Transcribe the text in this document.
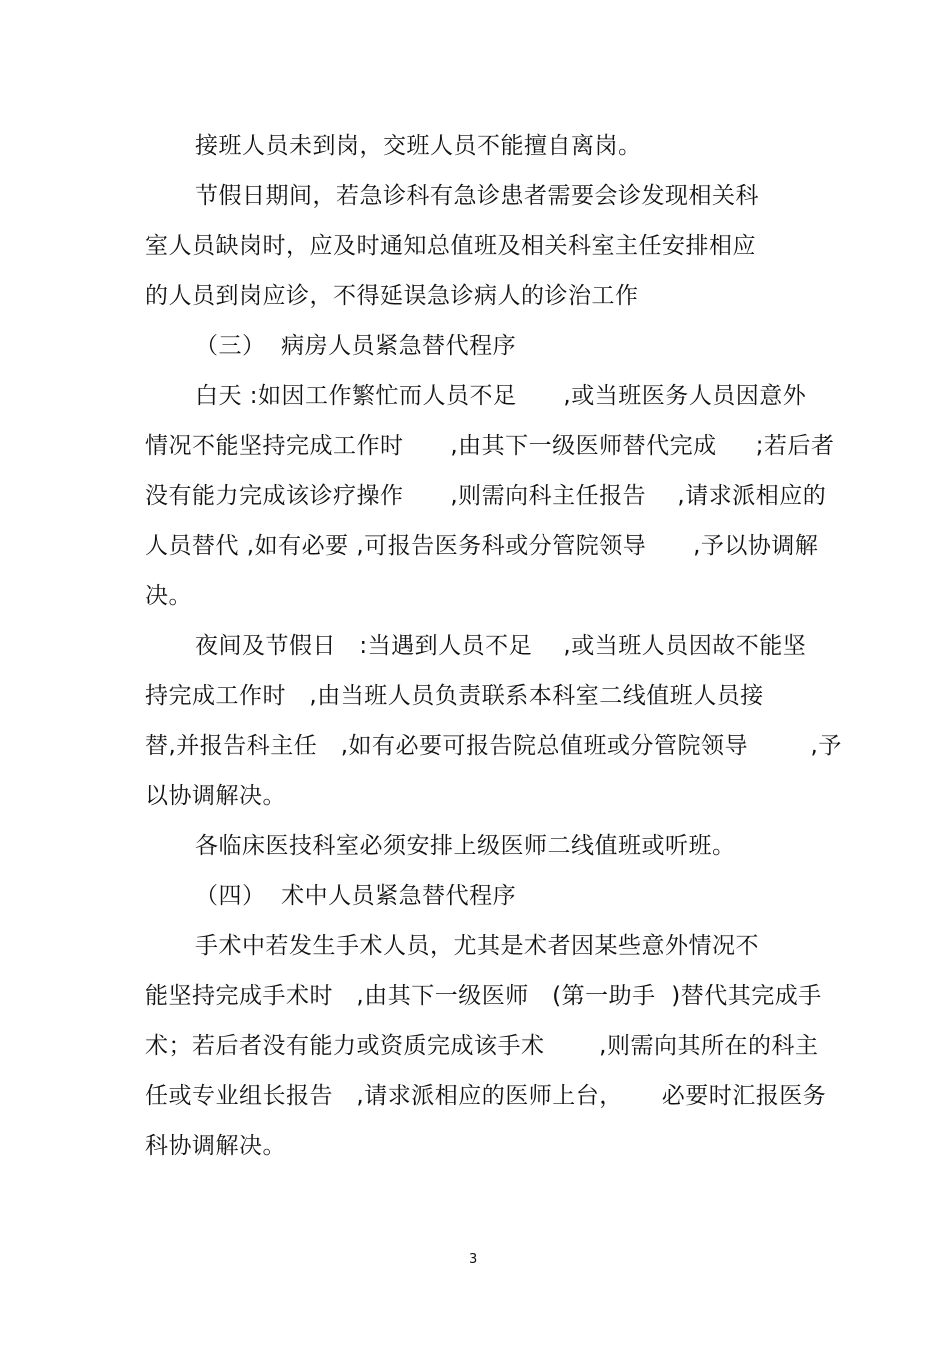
接班人员未到岗，交班人员不能擅自离岗。
节假日期间，若急诊科有急诊患者需要会诊发现相关科
室人员缺岗时，应及时通知总值班及相关科室主任安排相应
的人员到岗应诊，不得延误急诊病人的诊治工作
（三）  病房人员紧急替代程序
白天 :如因工作繁忙而人员不足      ,或当班医务人员因意外
情况不能坚持完成工作时      ,由其下一级医师替代完成     ;若后者
没有能力完成该诊疗操作      ,则需向科主任报告    ,请求派相应的
人员替代 ,如有必要 ,可报告医务科或分管院领导      ,予以协调解
决。
夜间及节假日   :当遇到人员不足    ,或当班人员因故不能坚
持完成工作时   ,由当班人员负责联系本科室二线值班人员接
替,并报告科主任   ,如有必要可报告院总值班或分管院领导        ,予
以协调解决。
各临床医技科室必须安排上级医师二线值班或听班。
（四）  术中人员紧急替代程序
手术中若发生手术人员，尤其是术者因某些意外情况不
能坚持完成手术时   ,由其下一级医师   (第一助手  )替代其完成手
术；若后者没有能力或资质完成该手术       ,则需向其所在的科主
任或专业组长报告   ,请求派相应的医师上台，     必要时汇报医务
科协调解决。
3
